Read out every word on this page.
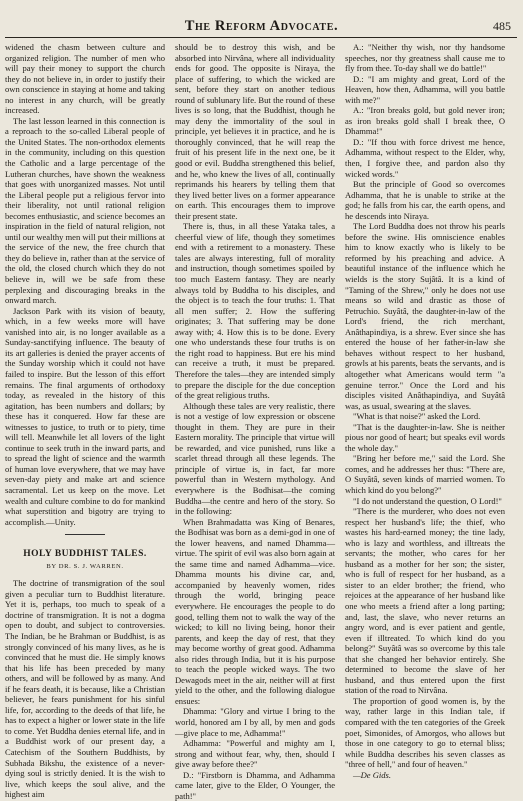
The Reform Advocate.	485

widened the chasm between culture and organized religion. The number of men who will pay their money to support the church they do not believe in, in order to justify their own conscience in staying at home and taking no interest in any church, will be greatly increased.

The last lesson learned in this connection is a reproach to the so-called Liberal people of the United States. The non-orthodox elements in the community, including on this question the Catholic and a large percentage of the Lutheran churches, have shown the weakness that goes with unorganized masses. Not until the Liberal people put a religious fervor into their liberality, not until rational religion becomes enthusiastic, and science becomes an inspiration in the field of natural religion, not until our wealthy men will put their millions at the service of the new, the free church that they do believe in, rather than at the service of the old, the closed church which they do not believe in, will we be safe from these perplexing and discouraging breaks in the onward march.

Jackson Park with its vision of beauty, which, in a few weeks more will have vanished into air, is no longer available as a Sunday-sanctifying influence. The beauty of its art galleries is denied the prayer accents of the Sunday worship which it could not have failed to inspire. But the lesson of this effort remains. The final arguments of orthodoxy today, as revealed in the history of this agitation, has been numbers and dollars; by these has it conquered. How far these are witnesses to justice, to truth or to piety, time will tell. Meanwhile let all lovers of the light continue to seek truth in the inward parts, and to spread the light of science and the warmth of human love everywhere, that we may have seven-day piety and make art and science sacramental. Let us keep on the move. Let wealth and culture combine to do for mankind what superstition and bigotry are trying to accomplish.—Unity.

HOLY BUDDHIST TALES.
BY DR. S. J. WARREN.

The doctrine of transmigration of the soul given a peculiar turn to Buddhist literature. Yet it is, perhaps, too much to speak of a doctrine of transmigration. It is not a dogma open to doubt, and subject to controversies. The Indian, be he Brahman or Buddhist, is as strongly convinced of his many lives, as he is convinced that he must die. He simply knows that his life has been preceded by many others, and will be followed by as many. And if he fears death, it is because, like a Christian believer, he fears punishment for his sinful life, for, according to the deeds of that life, he has to expect a higher or lower state in the life to come. Yet Buddha denies eternal life, and in a Buddhist work of our present day, a Catechism of the Southern Buddhists, by Subhada Bikshu, the existence of a never-dying soul is strictly denied. It is the wish to live, which keeps the soul alive, and the highest aim

should be to destroy this wish, and be absorbed into Nirvâna, where all individuality ends for good. The opposite is Niraya, the place of suffering, to which the wicked are sent, before they start on another tedious round of sublunary life. But the round of these lives is so long, that the Buddhist, though he may deny the immortality of the soul in principle, yet believes it in practice, and he is thoroughly convinced, that he will reap the fruit of his present life in the next one, be it good or evil. Buddha strengthened this belief, and he, who knew the lives of all, continually reprimands his hearers by telling them that they lived better lives on a former appearance on earth. This encourages them to improve their present state.

There is, thus, in all these Yataka tales, a cheerful view of life, though they sometimes end with a retirement to a monastery. These tales are always interesting, full of morality and instruction, though sometimes spoiled by too much Eastern fantasy. They are nearly always told by Buddha to his disciples, and the object is to teach the four truths: 1. That all men suffer; 2. How the suffering originates; 3. That suffering may be done away with; 4. How this is to be done. Every one who understands these four truths is on the right road to happiness. But ere his mind can receive a truth, it must be prepared. Therefore the tales—they are intended simply to prepare the disciple for the due conception of the great religious truths.

Although these tales are very realistic, there is not a vestige of low expression or obscene thought in them. They are pure in their Eastern morality. The principle that virtue will be rewarded, and vice punished, runs like a scarlet thread through all these legends. The principle of virtue is, in fact, far more powerful than in Western mythology. And everywhere is the Bodhisat—the coming Buddha—the centre and hero of the story. So in the following:

When Brahmadatta was King of Benares, the Bodhisat was born as a demi-god in one of the lower heavens, and named Dhamma—virtue. The spirit of evil was also born again at the same time and named Adhamma—vice. Dhamma mounts his divine car, and, accompanied by heavenly women, rides through the world, bringing peace everywhere. He encourages the people to do good, telling them not to walk the way of the wicked; to kill no living being, honor their parents, and keep the day of rest, that they may become worthy of great good. Adhamma also rides through India, but it is his purpose to teach the people wicked ways. The two Dewagods meet in the air, neither will at first yield to the other, and the following dialogue ensues:

Dhamma: "Glory and virtue I bring to the world, honored am I by all, by men and gods—give place to me, Adhamma!"

Adhamma: "Powerful and mighty am I, strong and without fear, why, then, should I give away before thee?"

D.: "Firstborn is Dhamma, and Adhamma came later, give to the Elder, O Younger, the path!"

A.: "Neither thy wish, nor thy handsome speeches, nor thy greatness shall cause me to fly from thee. To-day shall we do battle!"

D.: "I am mighty and great, Lord of the Heaven, how then, Adhamma, will you battle with me?"

A.: "Iron breaks gold, but gold never iron; as iron breaks gold shall I break thee, O Dhamma!"

D.: "If thou with force drivest me hence, Adhamma, without respect to the Elder, why, then, I forgive thee, and pardon also thy wicked words."

But the principle of Good so overcomes Adhamma, that he is unable to strike at the god; he falls from his car, the earth opens, and he descends into Niraya.

The Lord Buddha does not throw his pearls before the swine. His omniscience enables him to know exactly who is likely to be reformed by his preaching and advice. A beautiful instance of the influence which he wields is the story Sujâtâ. It is a kind of "Taming of the Shrew," only he does not use means so wild and drastic as those of Petruchio. Suyâtâ, the daughter-in-law of the Lord's friend, the rich merchant, Anâthapindiya, is a shrew. Ever since she has entered the house of her father-in-law she behaves without respect to her husband, growls at his parents, beats the servants, and is altogether what Americans would term "a genuine terror." Once the Lord and his disciples visited Anâthapindiya, and Suyâtâ was, as usual, swearing at the slaves.

"What is that noise?" asked the Lord.

"That is the daughter-in-law. She is neither pious nor good of heart; but speaks evil words the whole day."

"Bring her before me," said the Lord. She comes, and he addresses her thus: "There are, O Suyâtâ, seven kinds of married women. To which kind do you belong?"

"I do not understand the question, O Lord!"

"There is the murderer, who does not even respect her husband's life; the thief, who wastes his hard-earned money; the tine lady, who is lazy and worthless, and illtreats the servants; the mother, who cares for her husband as a mother for her son; the sister, who is full of respect for her husband, as a sister to an elder brother; the friend, who rejoices at the appearance of her husband like one who meets a friend after a long parting; and, last, the slave, who never returns an angry word, and is ever patient and gentle, even if illtreated. To which kind do you belong?" Suyâtâ was so overcome by this tale that she changed her behavior entirely. She determined to become the slave of her husband, and thus entered upon the first station of the road to Nirvâna.

The proportion of good women is, by the way, rather large in this Indian tale, if compared with the ten categories of the Greek poet, Simonides, of Amorgos, who allows but those in one category to go to eternal bliss; while Buddha describes his seven classes as "three of hell," and four of heaven."

—De Gids.
